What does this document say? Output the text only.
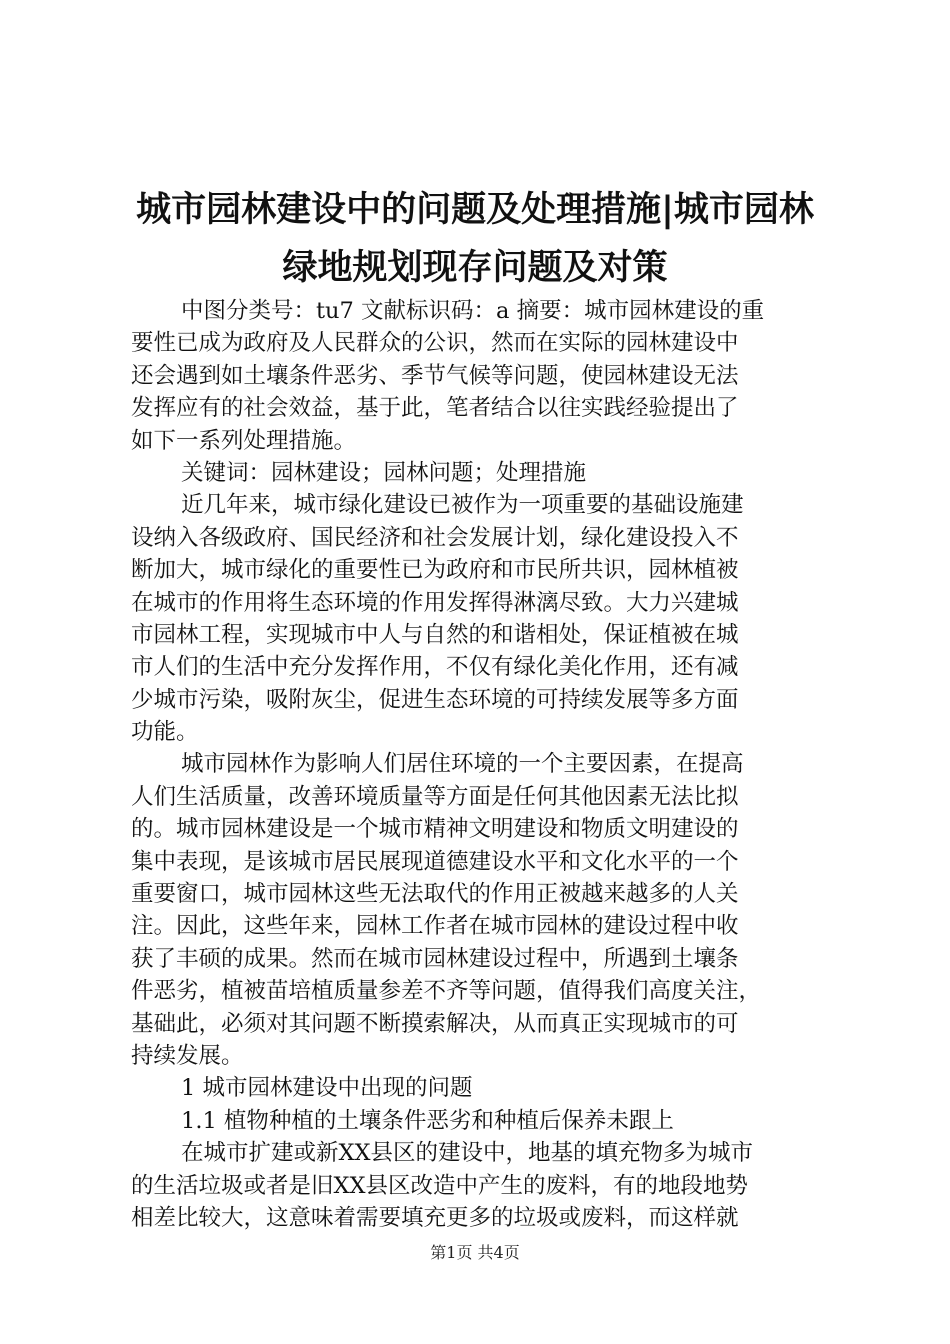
城市园林建设中的问题及处理措施|城市园林
绿地规划现存问题及对策
中图分类号：tu7 文献标识码：a 摘要：城市园林建设的重
要性已成为政府及人民群众的公识，然而在实际的园林建设中
还会遇到如土壤条件恶劣、季节气候等问题，使园林建设无法
发挥应有的社会效益，基于此，笔者结合以往实践经验提出了
如下一系列处理措施。
关键词：园林建设；园林问题；处理措施
近几年来，城市绿化建设已被作为一项重要的基础设施建
设纳入各级政府、国民经济和社会发展计划，绿化建设投入不
断加大，城市绿化的重要性已为政府和市民所共识，园林植被
在城市的作用将生态环境的作用发挥得淋漓尽致。大力兴建城
市园林工程，实现城市中人与自然的和谐相处，保证植被在城
市人们的生活中充分发挥作用，不仅有绿化美化作用，还有减
少城市污染，吸附灰尘，促进生态环境的可持续发展等多方面
功能。
城市园林作为影响人们居住环境的一个主要因素，在提高
人们生活质量，改善环境质量等方面是任何其他因素无法比拟
的。城市园林建设是一个城市精神文明建设和物质文明建设的
集中表现，是该城市居民展现道德建设水平和文化水平的一个
重要窗口，城市园林这些无法取代的作用正被越来越多的人关
注。因此，这些年来，园林工作者在城市园林的建设过程中收
获了丰硕的成果。然而在城市园林建设过程中，所遇到土壤条
件恶劣，植被苗培植质量参差不齐等问题，值得我们高度关注，
基础此，必须对其问题不断摸索解决，从而真正实现城市的可
持续发展。
1 城市园林建设中出现的问题
1.1 植物种植的土壤条件恶劣和种植后保养未跟上
在城市扩建或新XX县区的建设中，地基的填充物多为城市
的生活垃圾或者是旧XX县区改造中产生的废料，有的地段地势
相差比较大，这意味着需要填充更多的垃圾或废料，而这样就
第1页 共4页
